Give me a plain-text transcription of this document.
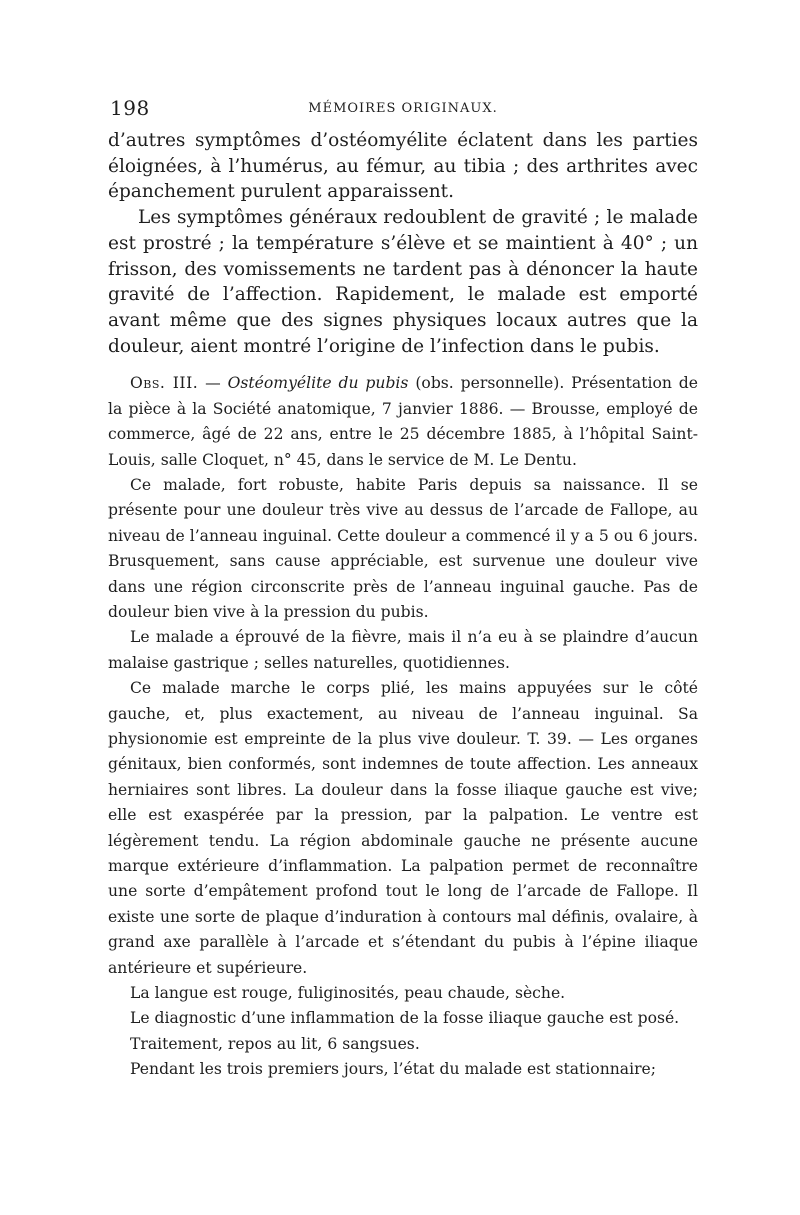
198	MÉMOIRES ORIGINAUX.

d’autres symptômes d’ostéomyélite éclatent dans les parties éloignées, à l’humérus, au fémur, au tibia ; des arthrites avec épanchement purulent apparaissent.

Les symptômes généraux redoublent de gravité ; le malade est prostré ; la température s’élève et se maintient à 40° ; un frisson, des vomissements ne tardent pas à dénoncer la haute gravité de l’affection. Rapidement, le malade est emporté avant même que des signes physiques locaux autres que la douleur, aient montré l’origine de l’infection dans le pubis.

Obs. III. — Ostéomyélite du pubis (obs. personnelle). Présentation de la pièce à la Société anatomique, 7 janvier 1886. — Brousse, employé de commerce, âgé de 22 ans, entre le 25 décembre 1885, à l’hôpital Saint-Louis, salle Cloquet, n° 45, dans le service de M. Le Dentu.

Ce malade, fort robuste, habite Paris depuis sa naissance. Il se présente pour une douleur très vive au dessus de l’arcade de Fallope, au niveau de l’anneau inguinal. Cette douleur a commencé il y a 5 ou 6 jours. Brusquement, sans cause appréciable, est survenue une douleur vive dans une région circonscrite près de l’anneau inguinal gauche. Pas de douleur bien vive à la pression du pubis.

Le malade a éprouvé de la fièvre, mais il n’a eu à se plaindre d’aucun malaise gastrique ; selles naturelles, quotidiennes.

Ce malade marche le corps plié, les mains appuyées sur le côté gauche, et, plus exactement, au niveau de l’anneau inguinal. Sa physionomie est empreinte de la plus vive douleur. T. 39. — Les organes génitaux, bien conformés, sont indemnes de toute affection. Les anneaux herniaires sont libres. La douleur dans la fosse iliaque gauche est vive; elle est exaspérée par la pression, par la palpation. Le ventre est légèrement tendu. La région abdominale gauche ne présente aucune marque extérieure d’inflammation. La palpation permet de reconnaître une sorte d’empâtement profond tout le long de l’arcade de Fallope. Il existe une sorte de plaque d’induration à contours mal définis, ovalaire, à grand axe parallèle à l’arcade et s’étendant du pubis à l’épine iliaque antérieure et supérieure.

La langue est rouge, fuliginosités, peau chaude, sèche.

Le diagnostic d’une inflammation de la fosse iliaque gauche est posé.

Traitement, repos au lit, 6 sangsues.

Pendant les trois premiers jours, l’état du malade est stationnaire;
